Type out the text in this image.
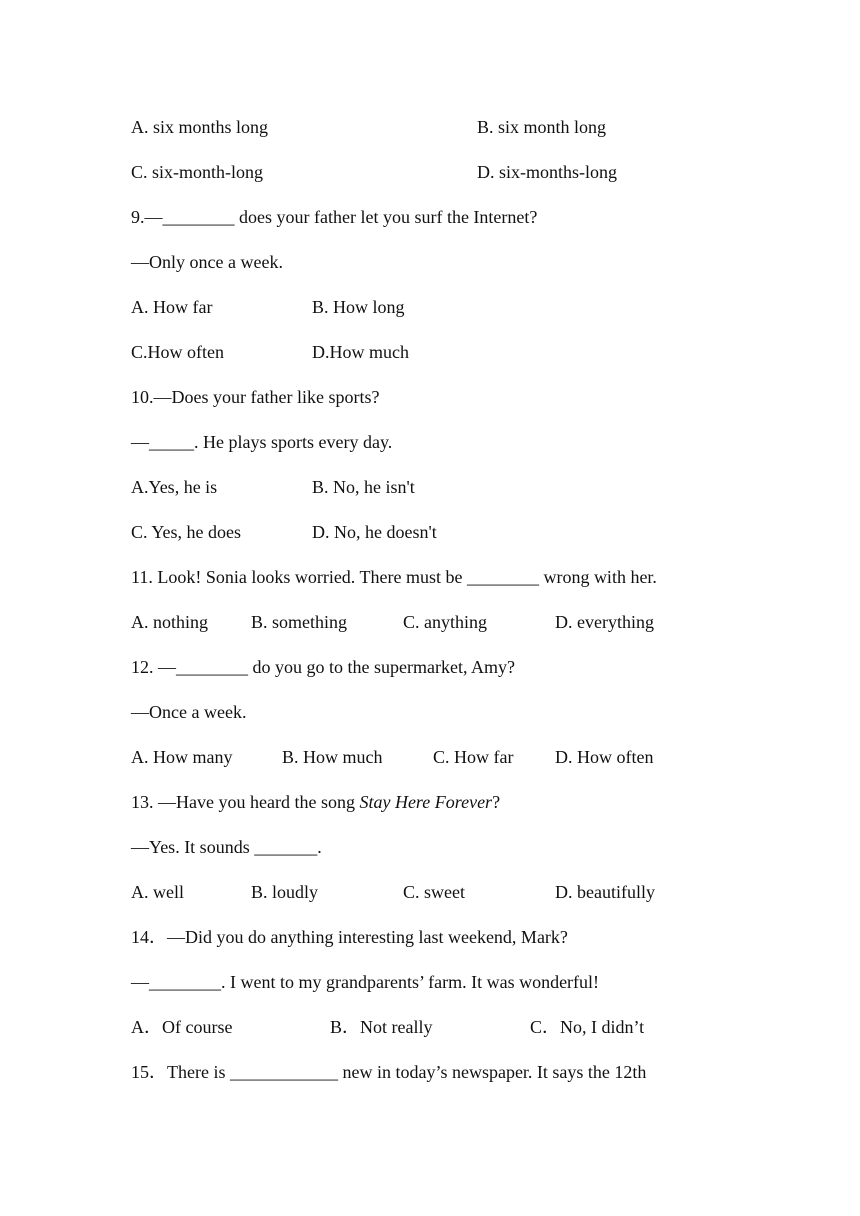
A. six months long	B. six month long
C. six-month-long	D. six-months-long
9.—________ does your father let you surf the Internet?
—Only once a week.
A. How far	B. How long
C.How often	D.How much
10.—Does your father like sports?
—_____. He plays sports every day.
A.Yes, he is	B. No, he isn't
C. Yes, he does	D. No, he doesn't
11. Look! Sonia looks worried. There must be ________ wrong with her.
A. nothing B. something	C. anything	D. everything
12. —________ do you go to the supermarket, Amy?
—Once a week.
A. How many	B. How much	C. How far D. How often
13. —Have you heard the song Stay Here Forever?
—Yes. It sounds _______.
A. well	B. loudly	C. sweet	D. beautifully
14．—Did you do anything interesting last weekend, Mark?
—________. I went to my grandparents’ farm. It was wonderful!
A．Of course	B．Not really	C．No, I didn’t
15．There is ____________ new in today’s newspaper. It says the 12th
